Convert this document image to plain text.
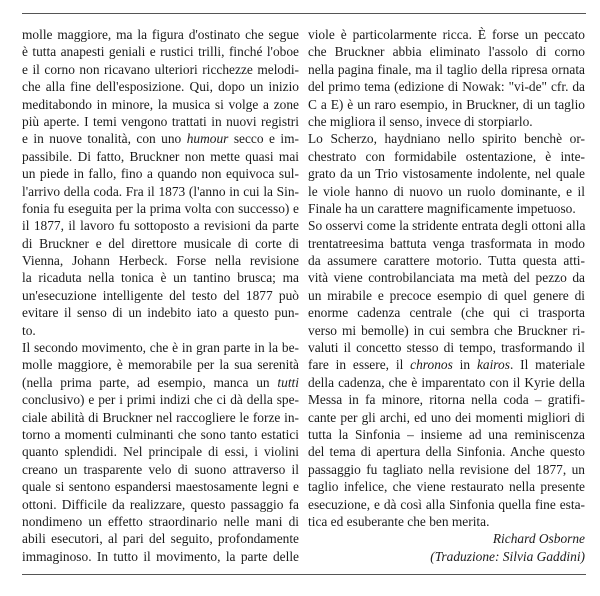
molle maggiore, ma la figura d'ostinato che segue
è tutta anapesti geniali e rustici trilli, finché l'oboe
e il corno non ricavano ulteriori ricchezze melodi-
che alla fine dell'esposizione. Qui, dopo un inizio
meditabondo in minore, la musica si volge a zone
più aperte. I temi vengono trattati in nuovi registri
e in nuove tonalità, con uno humour secco e im-
passibile. Di fatto, Bruckner non mette quasi mai
un piede in fallo, fino a quando non equivoca sul-
l'arrivo della coda. Fra il 1873 (l'anno in cui la Sin-
fonia fu eseguita per la prima volta con successo) e
il 1877, il lavoro fu sottoposto a revisioni da parte
di Bruckner e del direttore musicale di corte di
Vienna, Johann Herbeck. Forse nella revisione
la ricaduta nella tonica è un tantino brusca; ma
un'esecuzione intelligente del testo del 1877 può
evitare il senso di un indebito iato a questo pun-
to.
Il secondo movimento, che è in gran parte in la be-
molle maggiore, è memorabile per la sua serenità
(nella prima parte, ad esempio, manca un tutti
conclusivo) e per i primi indizi che ci dà della spe-
ciale abilità di Bruckner nel raccogliere le forze in-
torno a momenti culminanti che sono tanto estatici
quanto splendidi. Nel principale di essi, i violini
creano un trasparente velo di suono attraverso il
quale si sentono espandersi maestosamente legni e
ottoni. Difficile da realizzare, questo passaggio fa
nondimeno un effetto straordinario nelle mani di
abili esecutori, al pari del seguito, profondamente
immaginoso. In tutto il movimento, la parte delle
viole è particolarmente ricca. È forse un peccato
che Bruckner abbia eliminato l'assolo di corno
nella pagina finale, ma il taglio della ripresa ornata
del primo tema (edizione di Nowak: "vi-de" cfr. da
C a E) è un raro esempio, in Bruckner, di un taglio
che migliora il senso, invece di storpiarlo.
Lo Scherzo, haydniano nello spirito benchè or-
chestrato con formidabile ostentazione, è inte-
grato da un Trio vistosamente indolente, nel quale
le viole hanno di nuovo un ruolo dominante, e il
Finale ha un carattere magnificamente impetuoso.
So osservi come la stridente entrata degli ottoni alla
trentatreesima battuta venga trasformata in modo
da assumere carattere motorio. Tutta questa atti-
vità viene controbilanciata ma metà del pezzo da
un mirabile e precoce esempio di quel genere di
enorme cadenza centrale (che qui ci trasporta
verso mi bemolle) in cui sembra che Bruckner ri-
valuti il concetto stesso di tempo, trasformando il
fare in essere, il chronos in kairos. Il materiale
della cadenza, che è imparentato con il Kyrie della
Messa in fa minore, ritorna nella coda – gratifi-
cante per gli archi, ed uno dei momenti migliori di
tutta la Sinfonia – insieme ad una reminiscenza
del tema di apertura della Sinfonia. Anche questo
passaggio fu tagliato nella revisione del 1877, un
taglio infelice, che viene restaurato nella presente
esecuzione, e dà così alla Sinfonia quella fine esta-
tica ed esuberante che ben merita.
Richard Osborne
(Traduzione: Silvia Gaddini)
